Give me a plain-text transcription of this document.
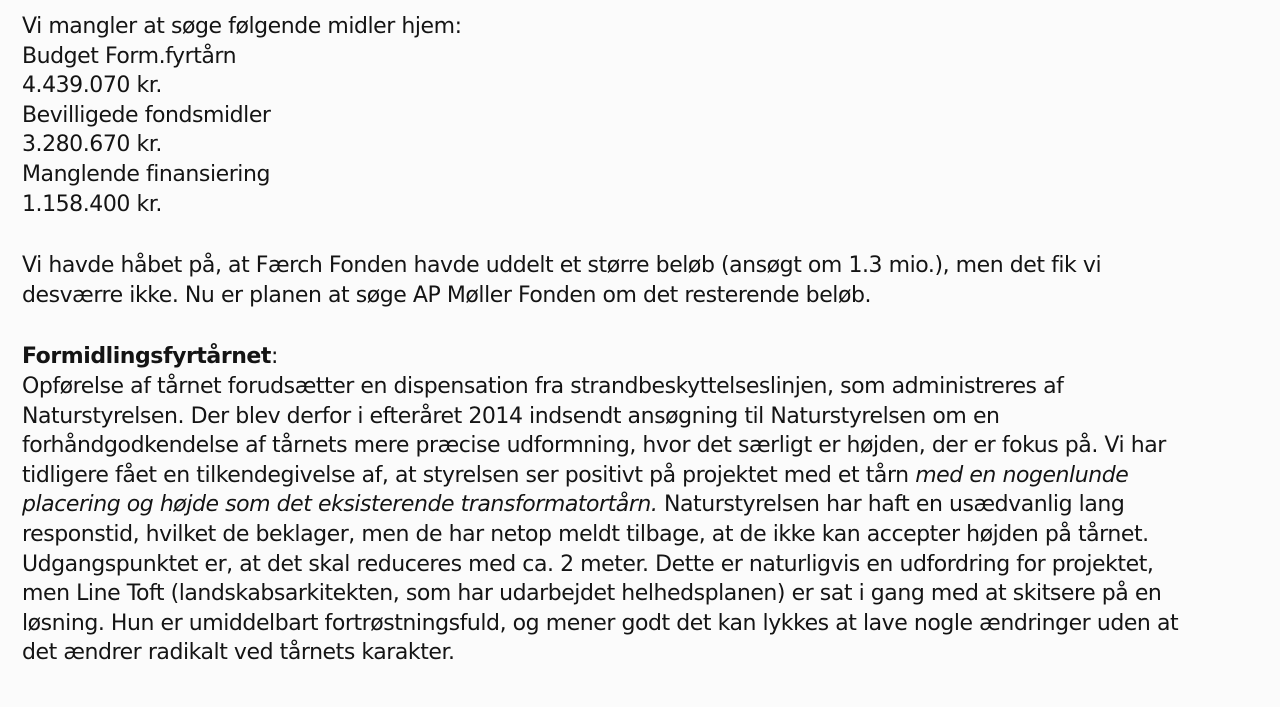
Vi mangler at søge følgende midler hjem:
Budget Form.fyrtårn
4.439.070 kr.
Bevilligede fondsmidler
3.280.670 kr.
Manglende finansiering
1.158.400 kr.
Vi havde håbet på, at Færch Fonden havde uddelt et større beløb (ansøgt om 1.3 mio.), men det fik vi
desværre ikke. Nu er planen at søge AP Møller Fonden om det resterende beløb.
Formidlingsfyrtårnet:
Opførelse af tårnet forudsætter en dispensation fra strandbeskyttelseslinjen, som administreres af
Naturstyrelsen. Der blev derfor i efteråret 2014 indsendt ansøgning til Naturstyrelsen om en
forhåndgodkendelse af tårnets mere præcise udformning, hvor det særligt er højden, der er fokus på. Vi har
tidligere fået en tilkendegivelse af, at styrelsen ser positivt på projektet med et tårn med en nogenlunde
placering og højde som det eksisterende transformatortårn. Naturstyrelsen har haft en usædvanlig lang
responstid, hvilket de beklager, men de har netop meldt tilbage, at de ikke kan accepter højden på tårnet.
Udgangspunktet er, at det skal reduceres med ca. 2 meter. Dette er naturligvis en udfordring for projektet,
men Line Toft (landskabsarkitekten, som har udarbejdet helhedsplanen) er sat i gang med at skitsere på en
løsning. Hun er umiddelbart fortrøstningsfuld, og mener godt det kan lykkes at lave nogle ændringer uden at
det ændrer radikalt ved tårnets karakter.
